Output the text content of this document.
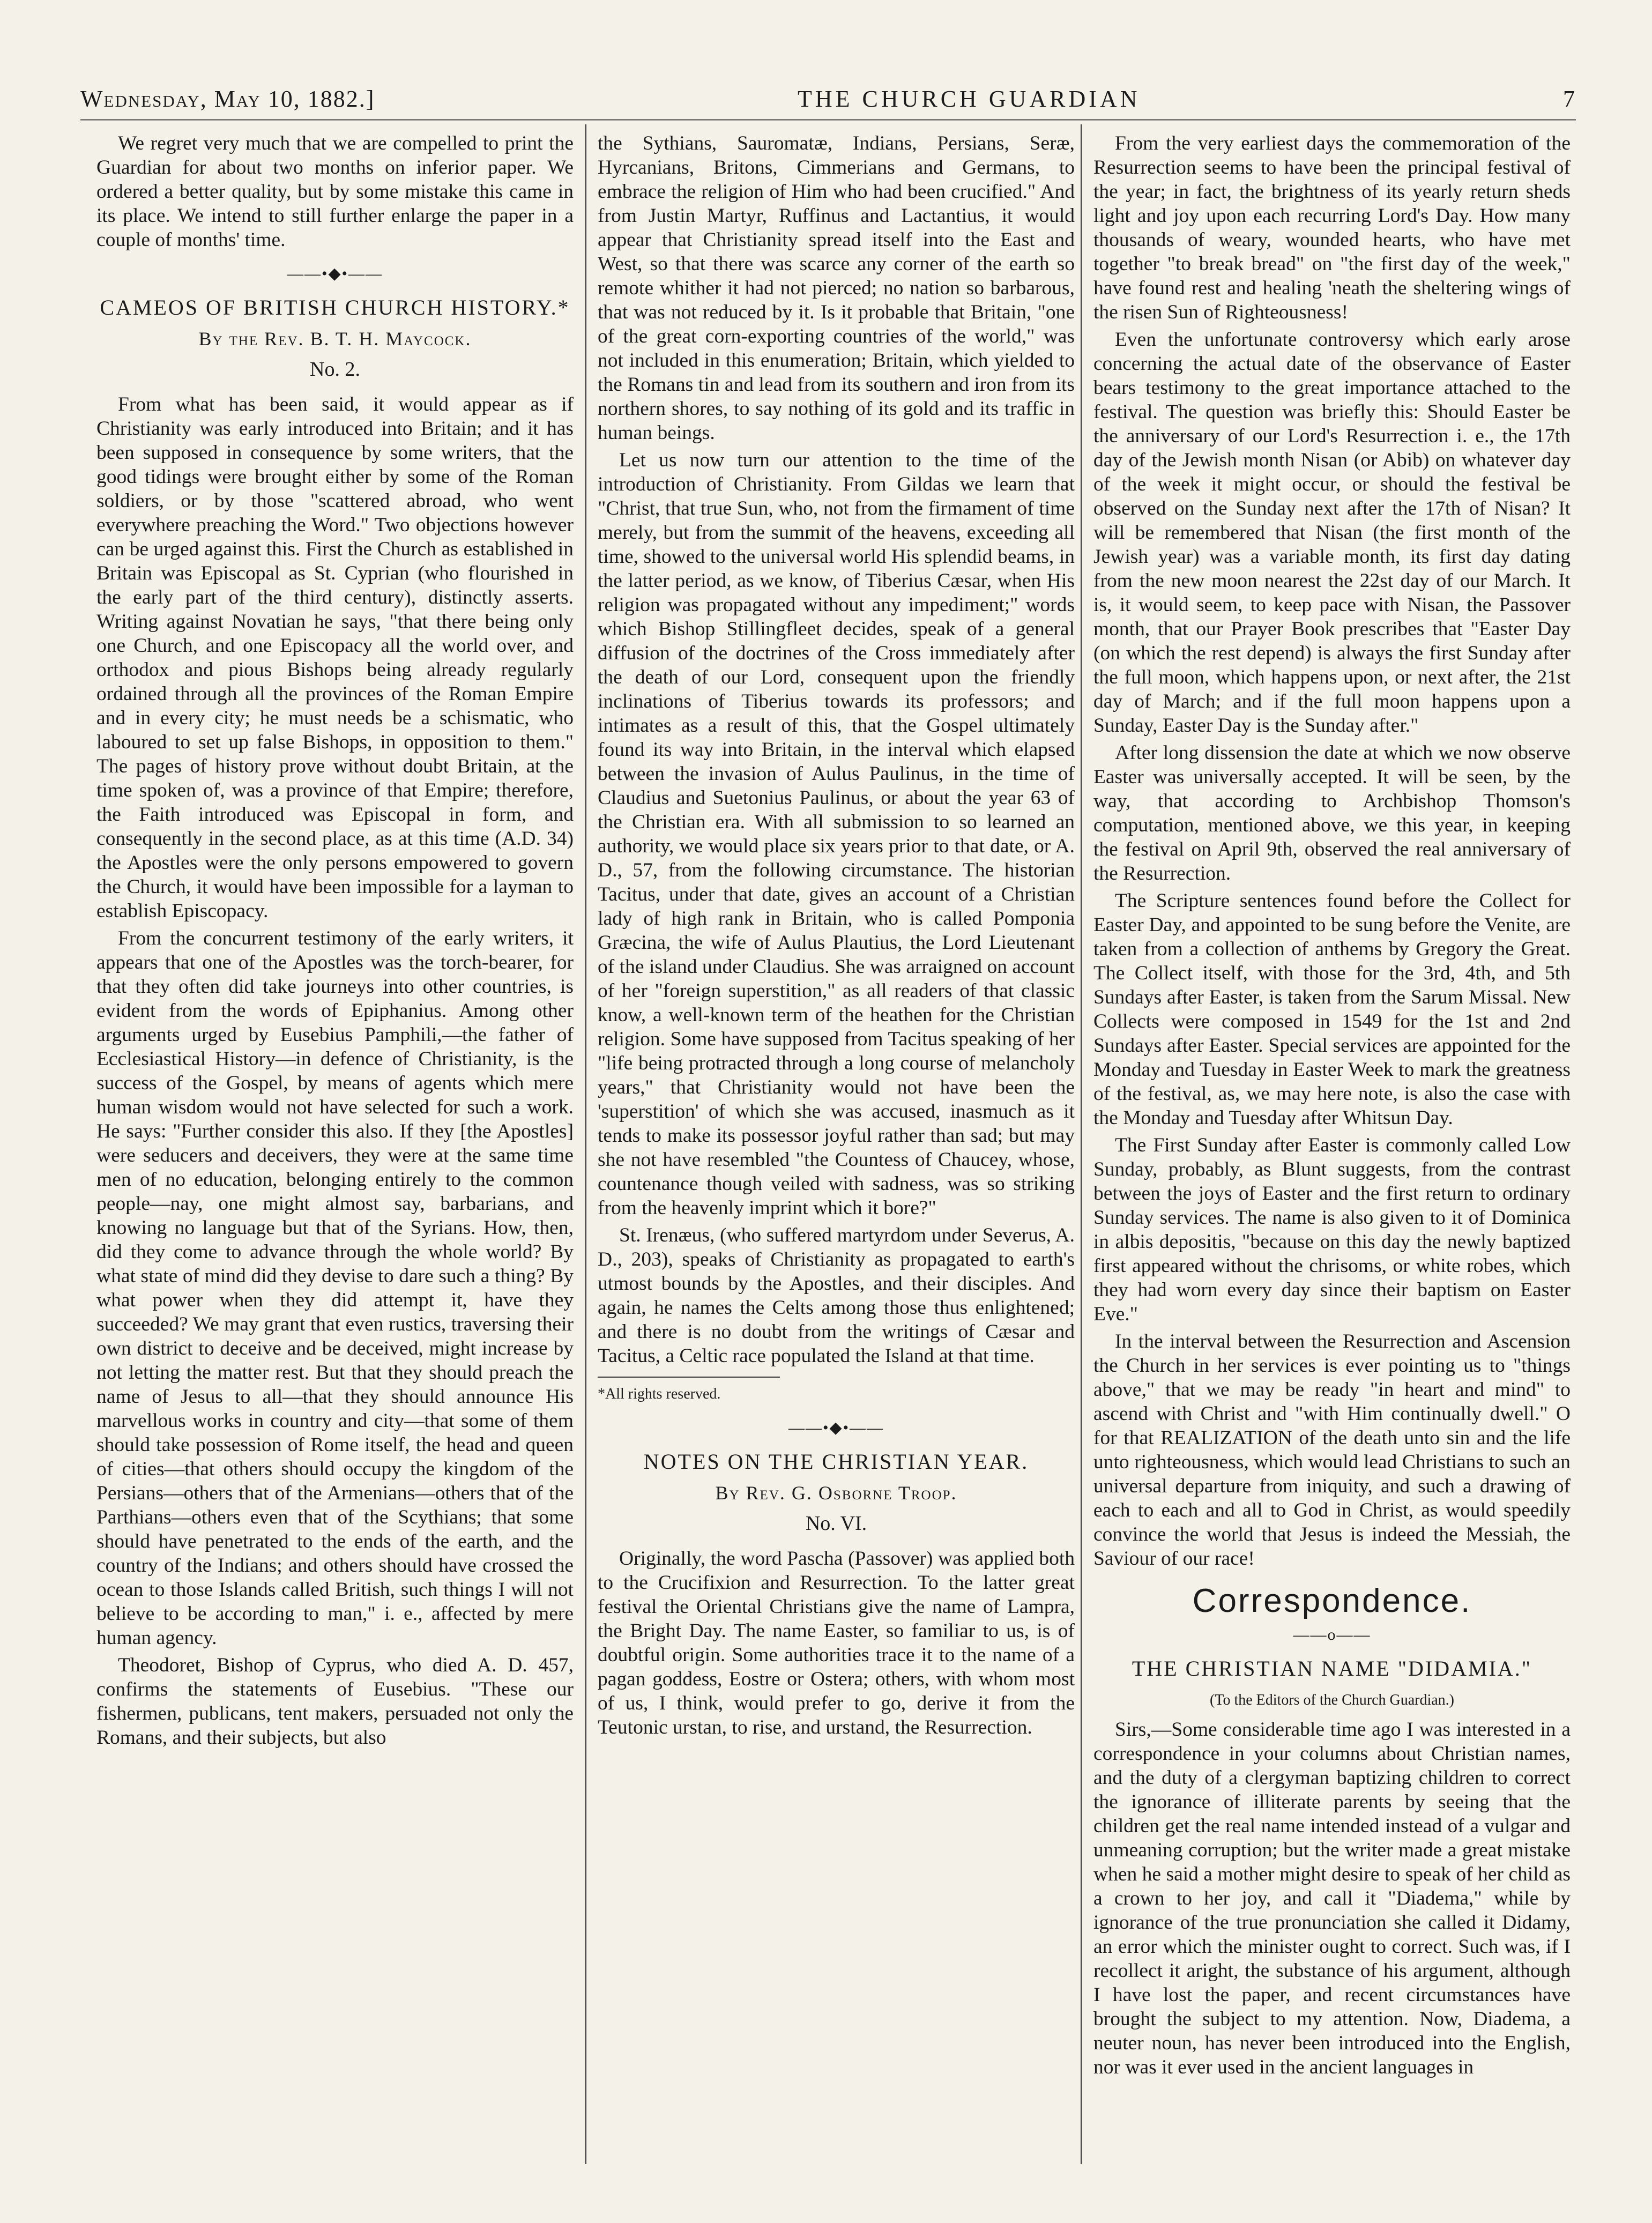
Wednesday, May 10, 1882.]	THE CHURCH GUARDIAN	7

We regret very much that we are compelled to print the Guardian for about two months on inferior paper. We ordered a better quality, but by some mistake this came in its place. We intend to still further enlarge the paper in a couple of months' time.

——•◆•——
CAMEOS OF BRITISH CHURCH HISTORY.*
By the Rev. B. T. H. Maycock.
No. 2.

From what has been said, it would appear as if Christianity was early introduced into Britain; and it has been supposed in consequence by some writers, that the good tidings were brought either by some of the Roman soldiers, or by those "scattered abroad, who went everywhere preaching the Word." Two objections however can be urged against this. First the Church as established in Britain was Episcopal as St. Cyprian (who flourished in the early part of the third century), distinctly asserts. Writing against Novatian he says, "that there being only one Church, and one Episcopacy all the world over, and orthodox and pious Bishops being already regularly ordained through all the provinces of the Roman Empire and in every city; he must needs be a schismatic, who laboured to set up false Bishops, in opposition to them." The pages of history prove without doubt Britain, at the time spoken of, was a province of that Empire; therefore, the Faith introduced was Episcopal in form, and consequently in the second place, as at this time (A.D. 34) the Apostles were the only persons empowered to govern the Church, it would have been impossible for a layman to establish Episcopacy.

From the concurrent testimony of the early writers, it appears that one of the Apostles was the torch-bearer, for that they often did take journeys into other countries, is evident from the words of Epiphanius. Among other arguments urged by Eusebius Pamphili,—the father of Ecclesiastical History—in defence of Christianity, is the success of the Gospel, by means of agents which mere human wisdom would not have selected for such a work. He says: "Further consider this also. If they [the Apostles] were seducers and deceivers, they were at the same time men of no education, belonging entirely to the common people—nay, one might almost say, barbarians, and knowing no language but that of the Syrians. How, then, did they come to advance through the whole world? By what state of mind did they devise to dare such a thing? By what power when they did attempt it, have they succeeded? We may grant that even rustics, traversing their own district to deceive and be deceived, might increase by not letting the matter rest. But that they should preach the name of Jesus to all—that they should announce His marvellous works in country and city—that some of them should take possession of Rome itself, the head and queen of cities—that others should occupy the kingdom of the Persians—others that of the Armenians—others that of the Parthians—others even that of the Scythians; that some should have penetrated to the ends of the earth, and the country of the Indians; and others should have crossed the ocean to those Islands called British, such things I will not believe to be according to man," i. e., affected by mere human agency.

Theodoret, Bishop of Cyprus, who died A. D. 457, confirms the statements of Eusebius. "These our fishermen, publicans, tent makers, persuaded not only the Romans, and their subjects, but also

the Sythians, Sauromatæ, Indians, Persians, Seræ, Hyrcanians, Britons, Cimmerians and Germans, to embrace the religion of Him who had been crucified." And from Justin Martyr, Ruffinus and Lactantius, it would appear that Christianity spread itself into the East and West, so that there was scarce any corner of the earth so remote whither it had not pierced; no nation so barbarous, that was not reduced by it. Is it probable that Britain, "one of the great corn-exporting countries of the world," was not included in this enumeration; Britain, which yielded to the Romans tin and lead from its southern and iron from its northern shores, to say nothing of its gold and its traffic in human beings.

Let us now turn our attention to the time of the introduction of Christianity. From Gildas we learn that "Christ, that true Sun, who, not from the firmament of time merely, but from the summit of the heavens, exceeding all time, showed to the universal world His splendid beams, in the latter period, as we know, of Tiberius Cæsar, when His religion was propagated without any impediment;" words which Bishop Stillingfleet decides, speak of a general diffusion of the doctrines of the Cross immediately after the death of our Lord, consequent upon the friendly inclinations of Tiberius towards its professors; and intimates as a result of this, that the Gospel ultimately found its way into Britain, in the interval which elapsed between the invasion of Aulus Paulinus, in the time of Claudius and Suetonius Paulinus, or about the year 63 of the Christian era. With all submission to so learned an authority, we would place six years prior to that date, or A. D., 57, from the following circumstance. The historian Tacitus, under that date, gives an account of a Christian lady of high rank in Britain, who is called Pomponia Græcina, the wife of Aulus Plautius, the Lord Lieutenant of the island under Claudius. She was arraigned on account of her "foreign superstition," as all readers of that classic know, a well-known term of the heathen for the Christian religion. Some have supposed from Tacitus speaking of her "life being protracted through a long course of melancholy years," that Christianity would not have been the 'superstition' of which she was accused, inasmuch as it tends to make its possessor joyful rather than sad; but may she not have resembled "the Countess of Chaucey, whose, countenance though veiled with sadness, was so striking from the heavenly imprint which it bore?"

St. Irenæus, (who suffered martyrdom under Severus, A. D., 203), speaks of Christianity as propagated to earth's utmost bounds by the Apostles, and their disciples. And again, he names the Celts among those thus enlightened; and there is no doubt from the writings of Cæsar and Tacitus, a Celtic race populated the Island at that time.

*All rights reserved.
——•◆•——
NOTES ON THE CHRISTIAN YEAR.
By Rev. G. Osborne Troop.
No. VI.

Originally, the word Pascha (Passover) was applied both to the Crucifixion and Resurrection. To the latter great festival the Oriental Christians give the name of Lampra, the Bright Day. The name Easter, so familiar to us, is of doubtful origin. Some authorities trace it to the name of a pagan goddess, Eostre or Ostera; others, with whom most of us, I think, would prefer to go, derive it from the Teutonic urstan, to rise, and urstand, the Resurrection.

From the very earliest days the commemoration of the Resurrection seems to have been the principal festival of the year; in fact, the brightness of its yearly return sheds light and joy upon each recurring Lord's Day. How many thousands of weary, wounded hearts, who have met together "to break bread" on "the first day of the week," have found rest and healing 'neath the sheltering wings of the risen Sun of Righteousness!

Even the unfortunate controversy which early arose concerning the actual date of the observance of Easter bears testimony to the great importance attached to the festival. The question was briefly this: Should Easter be the anniversary of our Lord's Resurrection i. e., the 17th day of the Jewish month Nisan (or Abib) on whatever day of the week it might occur, or should the festival be observed on the Sunday next after the 17th of Nisan? It will be remembered that Nisan (the first month of the Jewish year) was a variable month, its first day dating from the new moon nearest the 22st day of our March. It is, it would seem, to keep pace with Nisan, the Passover month, that our Prayer Book prescribes that "Easter Day (on which the rest depend) is always the first Sunday after the full moon, which happens upon, or next after, the 21st day of March; and if the full moon happens upon a Sunday, Easter Day is the Sunday after."

After long dissension the date at which we now observe Easter was universally accepted. It will be seen, by the way, that according to Archbishop Thomson's computation, mentioned above, we this year, in keeping the festival on April 9th, observed the real anniversary of the Resurrection.

The Scripture sentences found before the Collect for Easter Day, and appointed to be sung before the Venite, are taken from a collection of anthems by Gregory the Great. The Collect itself, with those for the 3rd, 4th, and 5th Sundays after Easter, is taken from the Sarum Missal. New Collects were composed in 1549 for the 1st and 2nd Sundays after Easter. Special services are appointed for the Monday and Tuesday in Easter Week to mark the greatness of the festival, as, we may here note, is also the case with the Monday and Tuesday after Whitsun Day.

The First Sunday after Easter is commonly called Low Sunday, probably, as Blunt suggests, from the contrast between the joys of Easter and the first return to ordinary Sunday services. The name is also given to it of Dominica in albis depositis, "because on this day the newly baptized first appeared without the chrisoms, or white robes, which they had worn every day since their baptism on Easter Eve."

In the interval between the Resurrection and Ascension the Church in her services is ever pointing us to "things above," that we may be ready "in heart and mind" to ascend with Christ and "with Him continually dwell." O for that REALIZATION of the death unto sin and the life unto righteousness, which would lead Christians to such an universal departure from iniquity, and such a drawing of each to each and all to God in Christ, as would speedily convince the world that Jesus is indeed the Messiah, the Saviour of our race!

Correspondence.
——o——
THE CHRISTIAN NAME "DIDAMIA."
(To the Editors of the Church Guardian.)

Sirs,—Some considerable time ago I was interested in a correspondence in your columns about Christian names, and the duty of a clergyman baptizing children to correct the ignorance of illiterate parents by seeing that the children get the real name intended instead of a vulgar and unmeaning corruption; but the writer made a great mistake when he said a mother might desire to speak of her child as a crown to her joy, and call it "Diadema," while by ignorance of the true pronunciation she called it Didamy, an error which the minister ought to correct. Such was, if I recollect it aright, the substance of his argument, although I have lost the paper, and recent circumstances have brought the subject to my attention. Now, Diadema, a neuter noun, has never been introduced into the English, nor was it ever used in the ancient languages in
